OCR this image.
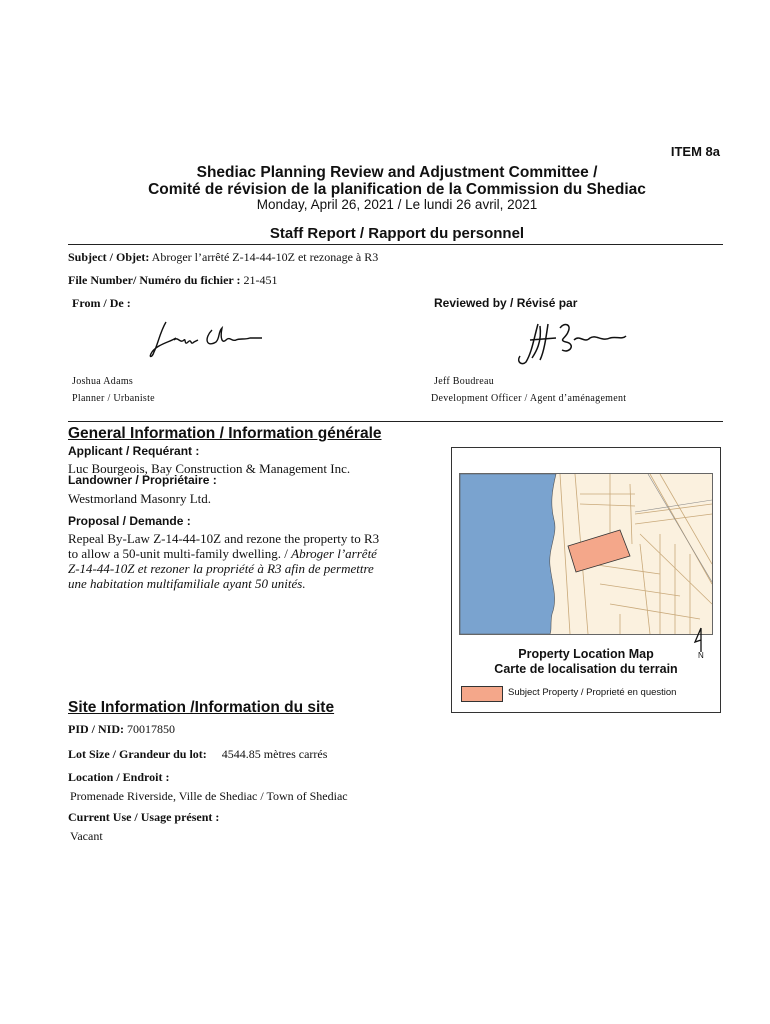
ITEM 8a
Shediac Planning Review and Adjustment Committee /
Comité de révision de la planification de la Commission du Shediac
Monday, April 26, 2021 / Le lundi 26 avril, 2021
Staff Report / Rapport du personnel
Subject / Objet: Abroger l’arrêté Z-14-44-10Z et rezonage à R3
File Number/ Numéro du fichier : 21-451
From / De :	Reviewed by / Révisé par
Joshua Adams
Planner / Urbaniste
Jeff Boudreau
Development Officer / Agent d’aménagement
General Information / Information générale
Applicant / Requérant :
Luc Bourgeois, Bay Construction & Management Inc.
Landowner / Propriétaire :
Westmorland Masonry Ltd.
Proposal / Demande :
Repeal By-Law Z-14-44-10Z and rezone the property to R3
to allow a 50-unit multi-family dwelling. / Abroger l’arrêté
Z-14-44-10Z et rezoner la propriété à R3 afin de permettre
une habitation multifamiliale ayant 50 unités.
Property Location Map
Carte de localisation du terrain
N
Subject Property / Proprieté en question
Site Information /Information du site
PID / NID: 70017850
Lot Size / Grandeur du lot: 4544.85 mètres carrés
Location / Endroit :
Promenade Riverside, Ville de Shediac / Town of Shediac
Current Use / Usage présent :
Vacant
